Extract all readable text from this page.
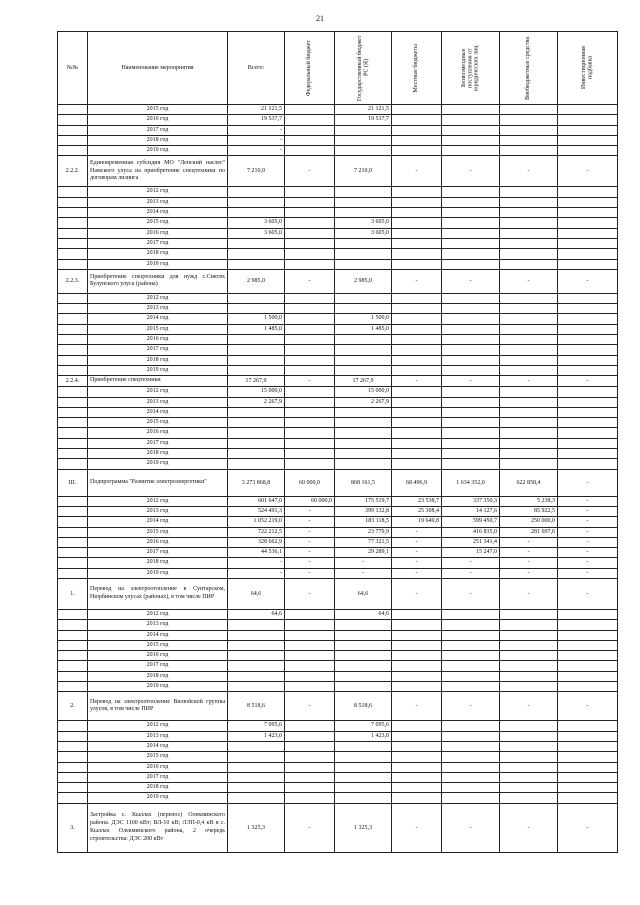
21
№№	Наименование мероприятия	Всего:	Федеральный бюджет	Государственный бюджет РС (Я)	Местные бюджеты	Безвозмездные поступления от юридических лиц	Внебюджетные средства	Инвестиционная надбавка

	2015 год	21 121,5		21 121,5				
	2016 год	19 537,7		19 537,7				
	2017 год	-						
	2018 год	-						
	2019 год	-						
2.2.2.	Единовременная субсидия МО "Ленский наслег" Намского улуса на приобретение спецтехники по договорам лизинга	7 210,0	-	7 210,0	-	-	-	-
	2012 год							
	2013 год							
	2014 год							
	2015 год	3 605,0		3 605,0				
	2016 год	3 605,0		3 605,0				
	2017 год							
	2018 год							
	2019 год							
2.2.3.	Приобретение спецтехники для нужд с.Сиктях Булунского улуса (района)	2 985,0	-	2 985,0	-	-	-	-
	2012 год							
	2013 год							
	2014 год	1 500,0		1 500,0				
	2015 год	1 485,0		1 485,0				
	2016 год							
	2017 год							
	2018 год							
	2019 год							
2.2.4.	Приобретение спецтехники	17 267,9	-	17 267,9	-	-	-	-
	2012 год	15 000,0		15 000,0				
	2013 год	2 267,9		2 267,9				
	2014 год							
	2015 год							
	2016 год							
	2017 год							
	2018 год							
	2019 год							
III.	Подпрограмма "Развитие электроэнергетики"	3 273 868,8	60 000,0	868 161,5	68 496,9	1 634 352,0	622 858,4	-
	2012 год	601 647,0	60 000,0	175 519,7	23 538,7	337 350,3	5 238,3	-
	2013 год	524 491,3	-	399 132,8	25 308,4	14 127,6	85 922,5	-
	2014 год	1 052 219,0	-	183 118,5	19 649,8	599 450,7	250 000,0	-
	2015 год	722 212,5	-	23 779,9	-	416 835,0	281 697,6	-
	2016 год	328 662,9	-	77 321,5	-	251 341,4	-	-
	2017 год	44 536,1	-	29 289,1	-	15 247,0	-	-
	2018 год	-	-	-	-	-	-	-
	2019 год	-	-	-	-	-	-	-
1.	Перевод на электроотопление в Сунтарском, Нюрбинском улусах (районах), в том числе ПИР	64,6	-	64,6	-	-	-	-
	2012 год	64,6		64,6				
	2013 год							
	2014 год							
	2015 год							
	2016 год							
	2017 год							
	2018 год							
	2019 год							
2.	Перевод на электроотопление Вилюйской группы улусов, в том числе ПИР	8 518,6	-	8 518,6	-	-	-	-
	2012 год	7 095,6		7 095,6				
	2013 год	1 423,0		1 423,0				
	2014 год							
	2015 год							
	2016 год							
	2017 год							
	2018 год							
	2019 год							
3.	Застройка с. Кыллах (перенос) Олекминского района. ДЭС 1100 кВт; ВЛ-10 кВ; ЛЭП-0,4 кВ в с. Кыллах Олекминского района, 2 очередь строительства: ДЭС 200 кВт	1 325,3	-	1 325,3	-	-	-	-
